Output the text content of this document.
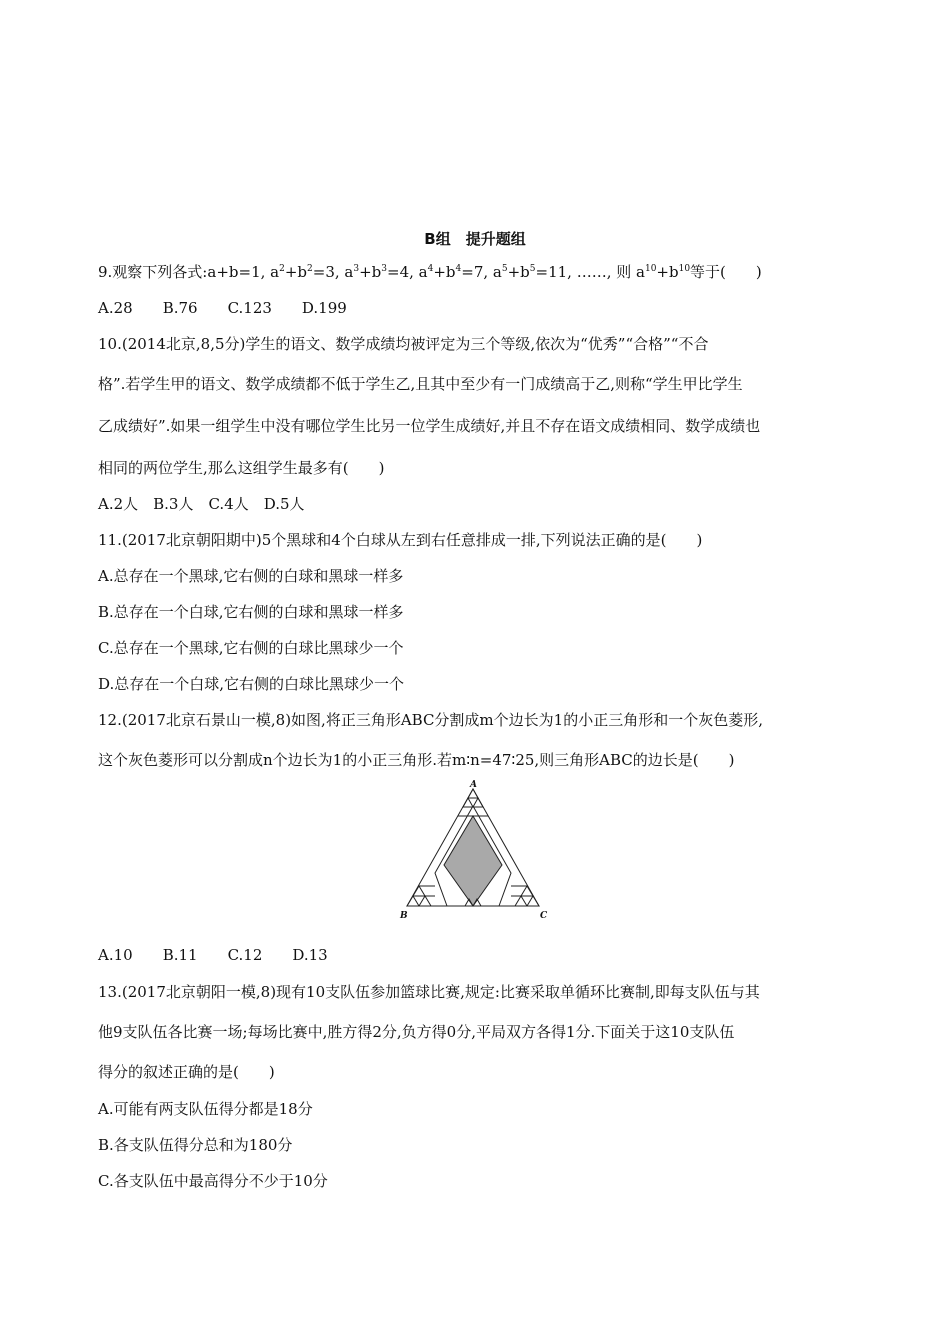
B组　提升题组
9.观察下列各式:a+b=1, $a^2+b^2=3$, $a^3+b^3=4$, $a^4+b^4=7$, $a^5+b^5=11$, ……, 则 $a^{10}+b^{10}$等于(　　)
A.28　　B.76　　C.123　　D.199
10.(2014北京,8,5分)学生的语文、数学成绩均被评定为三个等级,依次为“优秀”“合格”“不合
格”.若学生甲的语文、数学成绩都不低于学生乙,且其中至少有一门成绩高于乙,则称“学生甲比学生
乙成绩好”.如果一组学生中没有哪位学生比另一位学生成绩好,并且不存在语文成绩相同、数学成绩也
相同的两位学生,那么这组学生最多有(　　)
A.2人　B.3人　C.4人　D.5人
11.(2017北京朝阳期中)5个黑球和4个白球从左到右任意排成一排,下列说法正确的是(　　)
A.总存在一个黑球,它右侧的白球和黑球一样多
B.总存在一个白球,它右侧的白球和黑球一样多
C.总存在一个黑球,它右侧的白球比黑球少一个
D.总存在一个白球,它右侧的白球比黑球少一个
12.(2017北京石景山一模,8)如图,将正三角形ABC分割成m个边长为1的小正三角形和一个灰色菱形,
这个灰色菱形可以分割成n个边长为1的小正三角形.若m∶n=47∶25,则三角形ABC的边长是(　　)
A
B	C
A.10　　B.11　　C.12　　D.13
13.(2017北京朝阳一模,8)现有10支队伍参加篮球比赛,规定:比赛采取单循环比赛制,即每支队伍与其
他9支队伍各比赛一场;每场比赛中,胜方得2分,负方得0分,平局双方各得1分.下面关于这10支队伍
得分的叙述正确的是(　　)
A.可能有两支队伍得分都是18分
B.各支队伍得分总和为180分
C.各支队伍中最高得分不少于10分
